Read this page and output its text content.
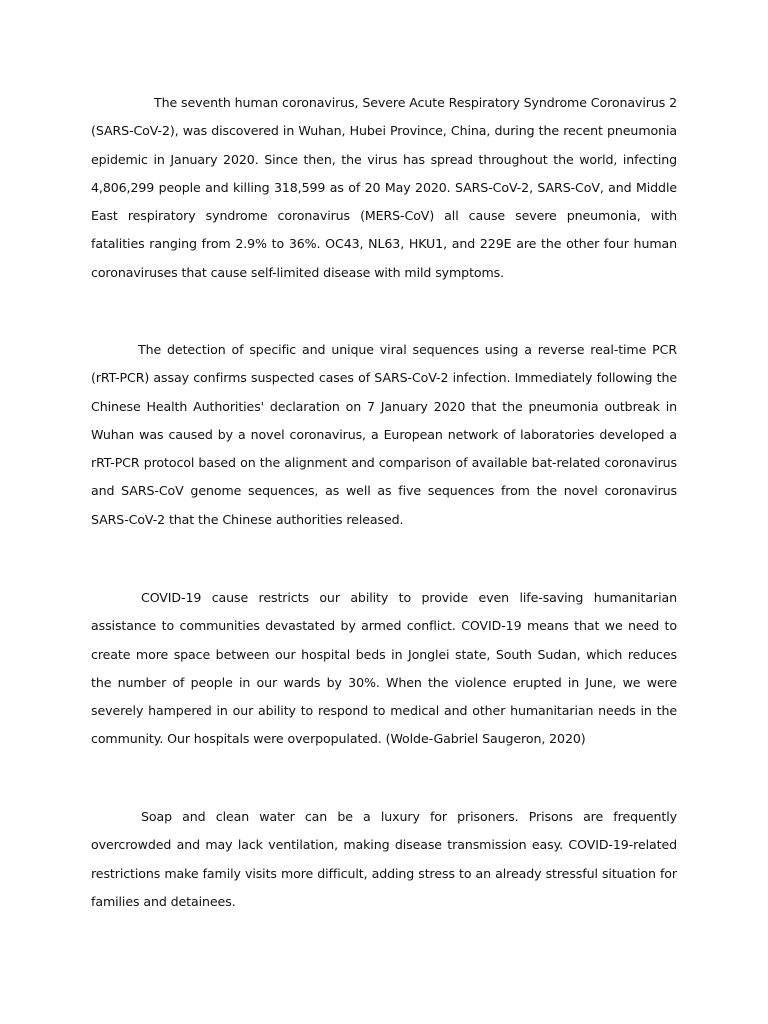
The seventh human coronavirus, Severe Acute Respiratory Syndrome Coronavirus 2 (SARS-CoV-2), was discovered in Wuhan, Hubei Province, China, during the recent pneumonia epidemic in January 2020. Since then, the virus has spread throughout the world, infecting 4,806,299 people and killing 318,599 as of 20 May 2020. SARS-CoV-2, SARS-CoV, and Middle East respiratory syndrome coronavirus (MERS-CoV) all cause severe pneumonia, with fatalities ranging from 2.9% to 36%. OC43, NL63, HKU1, and 229E are the other four human coronaviruses that cause self-limited disease with mild symptoms.

The detection of specific and unique viral sequences using a reverse real-time PCR (rRT-PCR) assay confirms suspected cases of SARS-CoV-2 infection. Immediately following the Chinese Health Authorities' declaration on 7 January 2020 that the pneumonia outbreak in Wuhan was caused by a novel coronavirus, a European network of laboratories developed a rRT-PCR protocol based on the alignment and comparison of available bat-related coronavirus and SARS-CoV genome sequences, as well as five sequences from the novel coronavirus SARS-CoV-2 that the Chinese authorities released.

COVID-19 cause restricts our ability to provide even life-saving humanitarian assistance to communities devastated by armed conflict. COVID-19 means that we need to create more space between our hospital beds in Jonglei state, South Sudan, which reduces the number of people in our wards by 30%. When the violence erupted in June, we were severely hampered in our ability to respond to medical and other humanitarian needs in the community. Our hospitals were overpopulated. (Wolde-Gabriel Saugeron, 2020)

Soap and clean water can be a luxury for prisoners. Prisons are frequently overcrowded and may lack ventilation, making disease transmission easy. COVID-19-related restrictions make family visits more difficult, adding stress to an already stressful situation for families and detainees.
